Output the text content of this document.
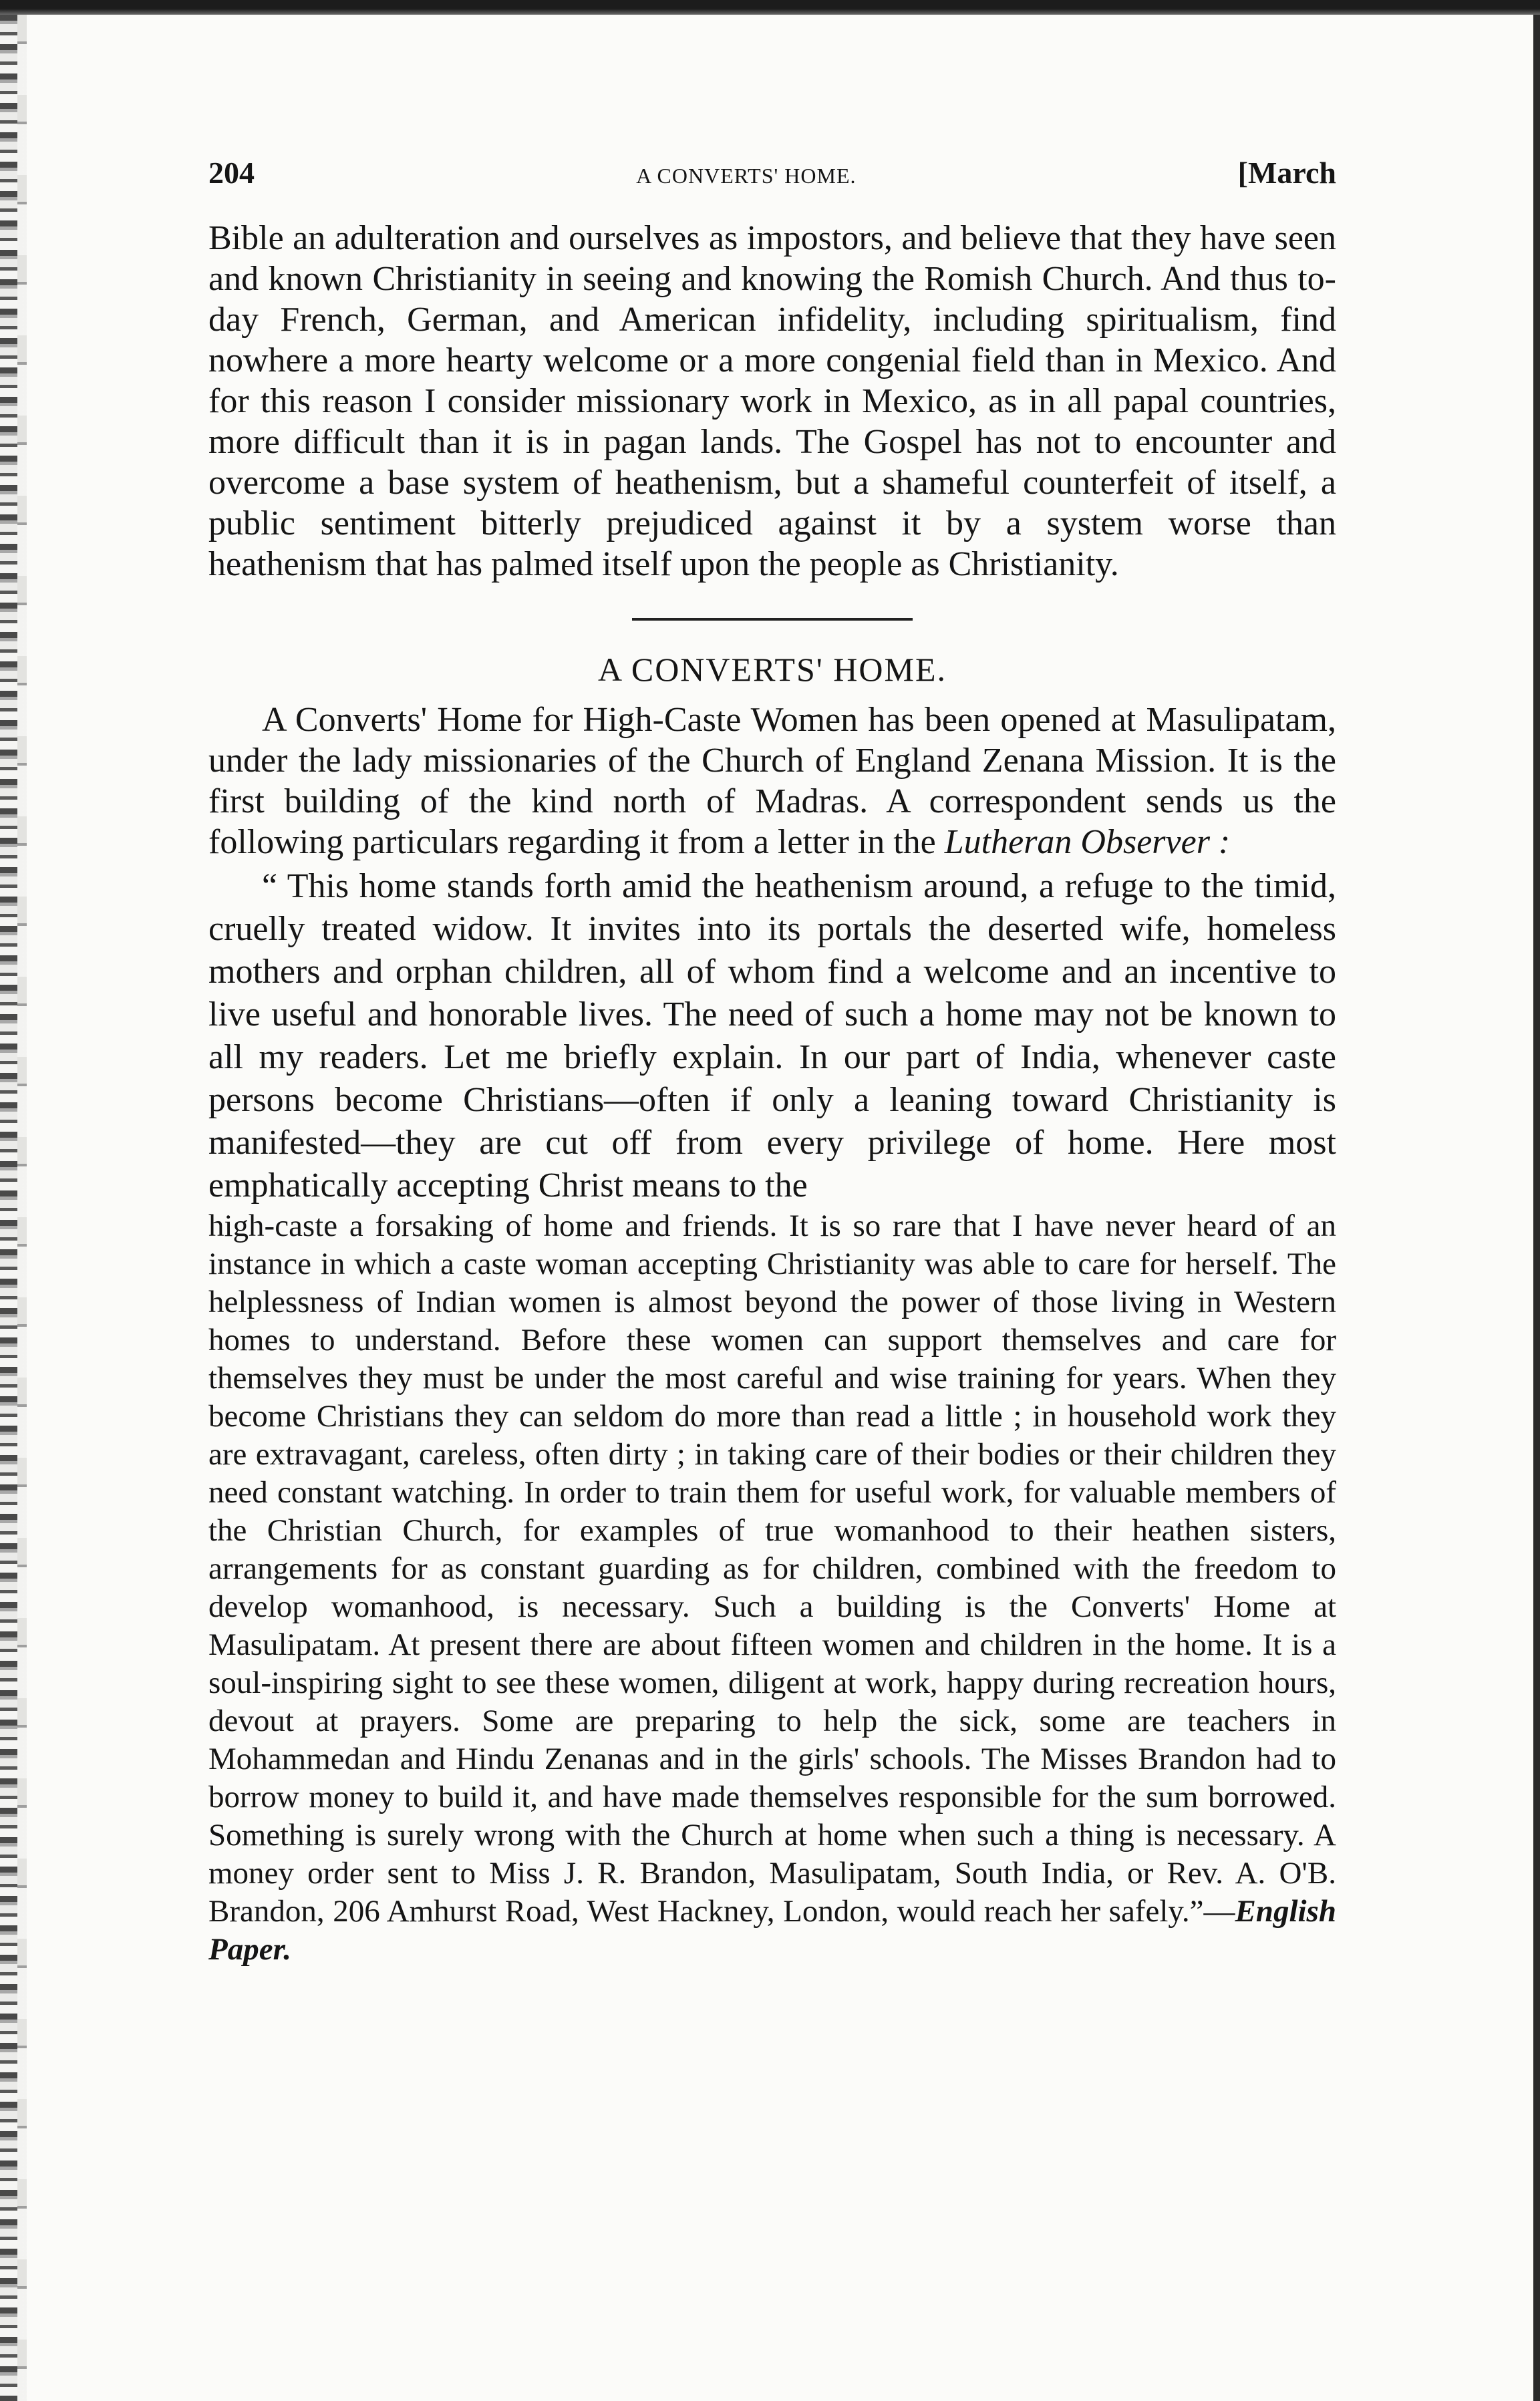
204	A CONVERTS' HOME.	[March

Bible an adulteration and ourselves as impostors, and believe that they have seen and known Christianity in seeing and knowing the Romish Church. And thus to-day French, German, and American infidelity, including spiritualism, find nowhere a more hearty welcome or a more congenial field than in Mexico. And for this reason I consider missionary work in Mexico, as in all papal countries, more difficult than it is in pagan lands. The Gospel has not to encounter and overcome a base system of heathenism, but a shameful counterfeit of itself, a public sentiment bitterly prejudiced against it by a system worse than heathenism that has palmed itself upon the people as Christianity.

A CONVERTS' HOME.

A Converts' Home for High-Caste Women has been opened at Masulipatam, under the lady missionaries of the Church of England Zenana Mission. It is the first building of the kind north of Madras. A correspondent sends us the following particulars regarding it from a letter in the Lutheran Observer :

“ This home stands forth amid the heathenism around, a refuge to the timid, cruelly treated widow. It invites into its portals the deserted wife, homeless mothers and orphan children, all of whom find a welcome and an incentive to live useful and honorable lives. The need of such a home may not be known to all my readers. Let me briefly explain. In our part of India, whenever caste persons become Christians—often if only a leaning toward Christianity is manifested—they are cut off from every privilege of home. Here most emphatically accepting Christ means to the

high-caste a forsaking of home and friends. It is so rare that I have never heard of an instance in which a caste woman accepting Christianity was able to care for herself. The helplessness of Indian women is almost beyond the power of those living in Western homes to understand. Before these women can support themselves and care for themselves they must be under the most careful and wise training for years. When they become Christians they can seldom do more than read a little ; in household work they are extravagant, careless, often dirty ; in taking care of their bodies or their children they need constant watching. In order to train them for useful work, for valuable members of the Christian Church, for examples of true womanhood to their heathen sisters, arrangements for as constant guarding as for children, combined with the freedom to develop womanhood, is necessary. Such a building is the Converts' Home at Masulipatam. At present there are about fifteen women and children in the home. It is a soul-inspiring sight to see these women, diligent at work, happy during recreation hours, devout at prayers. Some are preparing to help the sick, some are teachers in Mohammedan and Hindu Zenanas and in the girls' schools. The Misses Brandon had to borrow money to build it, and have made themselves responsible for the sum borrowed. Something is surely wrong with the Church at home when such a thing is necessary. A money order sent to Miss J. R. Brandon, Masulipatam, South India, or Rev. A. O'B. Brandon, 206 Amhurst Road, West Hackney, London, would reach her safely.”—English Paper.
